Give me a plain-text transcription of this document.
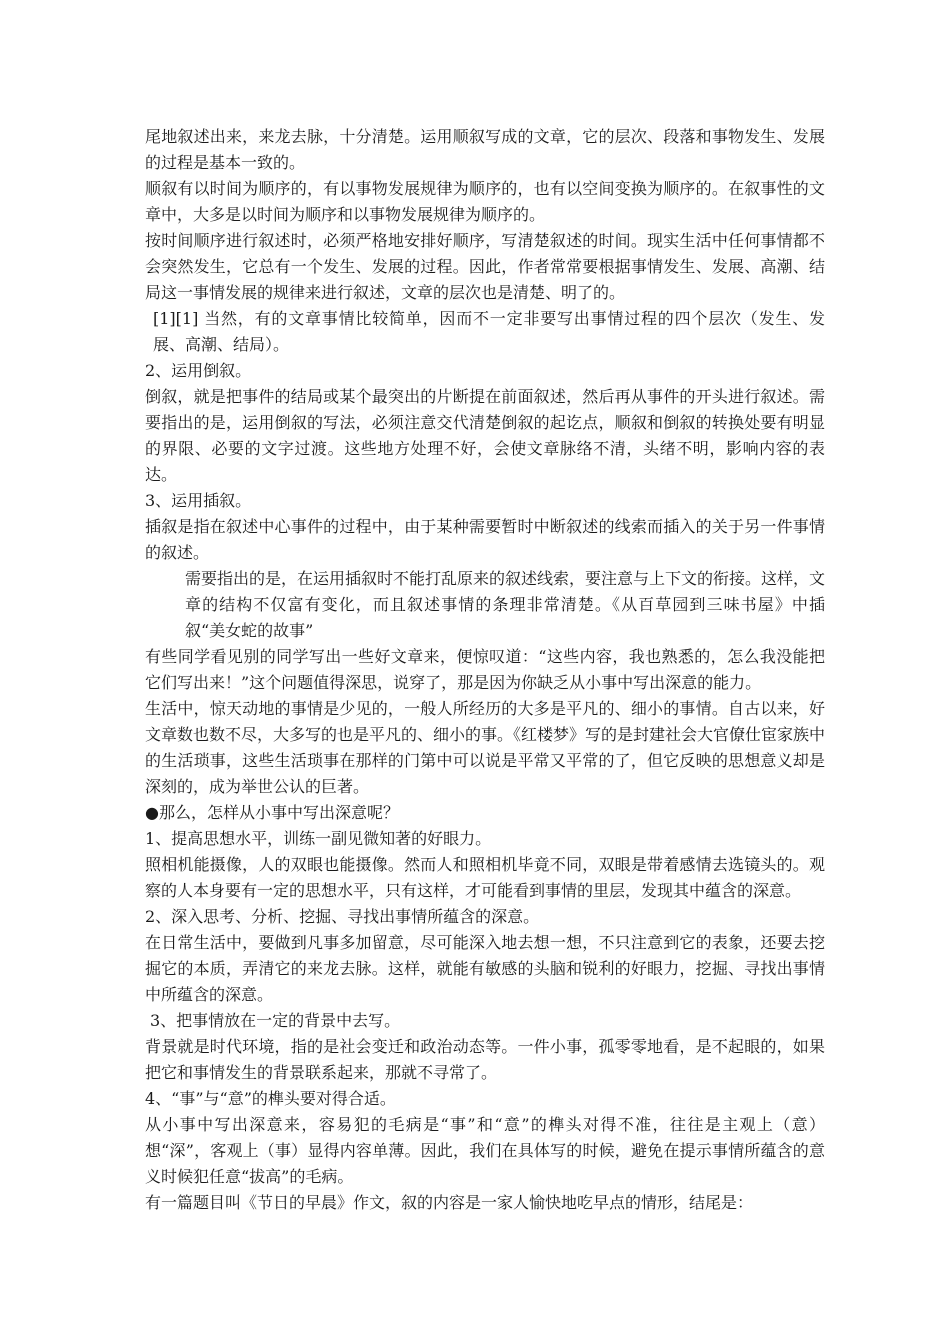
尾地叙述出来，来龙去脉，十分清楚。运用顺叙写成的文章，它的层次、段落和事物发生、发展的过程是基本一致的。

顺叙有以时间为顺序的，有以事物发展规律为顺序的，也有以空间变换为顺序的。在叙事性的文章中，大多是以时间为顺序和以事物发展规律为顺序的。

按时间顺序进行叙述时，必须严格地安排好顺序，写清楚叙述的时间。现实生活中任何事情都不会突然发生，它总有一个发生、发展的过程。因此，作者常常要根据事情发生、发展、高潮、结局这一事情发展的规律来进行叙述，文章的层次也是清楚、明了的。

[1][1] 当然，有的文章事情比较简单，因而不一定非要写出事情过程的四个层次（发生、发展、高潮、结局）。

2、运用倒叙。

倒叙，就是把事件的结局或某个最突出的片断提在前面叙述，然后再从事件的开头进行叙述。需要指出的是，运用倒叙的写法，必须注意交代清楚倒叙的起讫点，顺叙和倒叙的转换处要有明显的界限、必要的文字过渡。这些地方处理不好，会使文章脉络不清，头绪不明，影响内容的表达。

3、运用插叙。

插叙是指在叙述中心事件的过程中，由于某种需要暂时中断叙述的线索而插入的关于另一件事情的叙述。

需要指出的是，在运用插叙时不能打乱原来的叙述线索，要注意与上下文的衔接。这样，文章的结构不仅富有变化，而且叙述事情的条理非常清楚。《从百草园到三味书屋》中插叙“美女蛇的故事”

有些同学看见别的同学写出一些好文章来，便惊叹道：“这些内容，我也熟悉的，怎么我没能把它们写出来！”这个问题值得深思，说穿了，那是因为你缺乏从小事中写出深意的能力。

生活中，惊天动地的事情是少见的，一般人所经历的大多是平凡的、细小的事情。自古以来，好文章数也数不尽，大多写的也是平凡的、细小的事。《红楼梦》写的是封建社会大官僚仕宦家族中的生活琐事，这些生活琐事在那样的门第中可以说是平常又平常的了，但它反映的思想意义却是深刻的，成为举世公认的巨著。

●那么，怎样从小事中写出深意呢？

1、提高思想水平，训练一副见微知著的好眼力。

照相机能摄像，人的双眼也能摄像。然而人和照相机毕竟不同，双眼是带着感情去选镜头的。观察的人本身要有一定的思想水平，只有这样，才可能看到事情的里层，发现其中蕴含的深意。

2、深入思考、分析、挖掘、寻找出事情所蕴含的深意。

在日常生活中，要做到凡事多加留意，尽可能深入地去想一想，不只注意到它的表象，还要去挖掘它的本质，弄清它的来龙去脉。这样，就能有敏感的头脑和锐利的好眼力，挖掘、寻找出事情中所蕴含的深意。

3、把事情放在一定的背景中去写。

背景就是时代环境，指的是社会变迁和政治动态等。一件小事，孤零零地看，是不起眼的，如果把它和事情发生的背景联系起来，那就不寻常了。

4、“事”与“意”的榫头要对得合适。

从小事中写出深意来，容易犯的毛病是“事”和“意”的榫头对得不准，往往是主观上（意）想“深”，客观上（事）显得内容单薄。因此，我们在具体写的时候，避免在提示事情所蕴含的意义时候犯任意“拔高”的毛病。

有一篇题目叫《节日的早晨》作文，叙的内容是一家人愉快地吃早点的情形，结尾是：
